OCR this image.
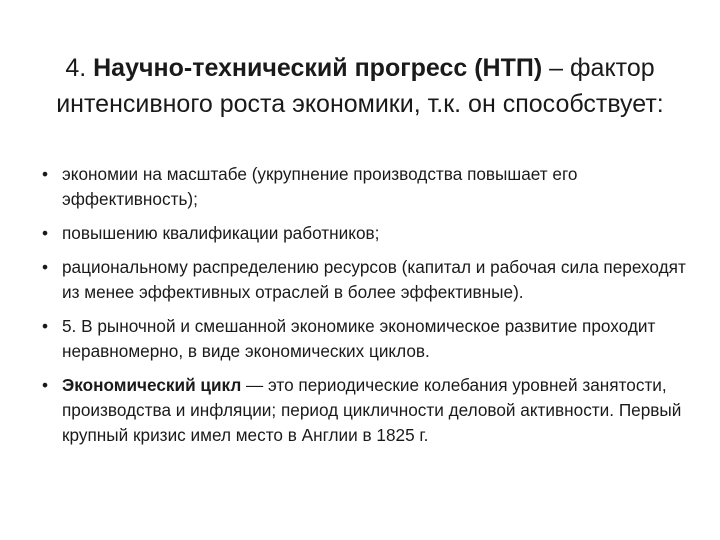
4. Научно-технический прогресс (НТП) – фактор интенсивного роста экономики, т.к. он способствует:
• экономии на масштабе (укрупнение производства повышает его эффективность);
• повышению квалификации работников;
• рациональному распределению ресурсов (капитал и рабочая сила переходят из менее эффективных отраслей в более эффективные).
• 5. В рыночной и смешанной экономике экономическое развитие проходит неравномерно, в виде экономических циклов.
• Экономический цикл — это периодические колебания уровней занятости, производства и инфляции; период цикличности деловой активности. Первый крупный кризис имел место в Англии в 1825 г.
